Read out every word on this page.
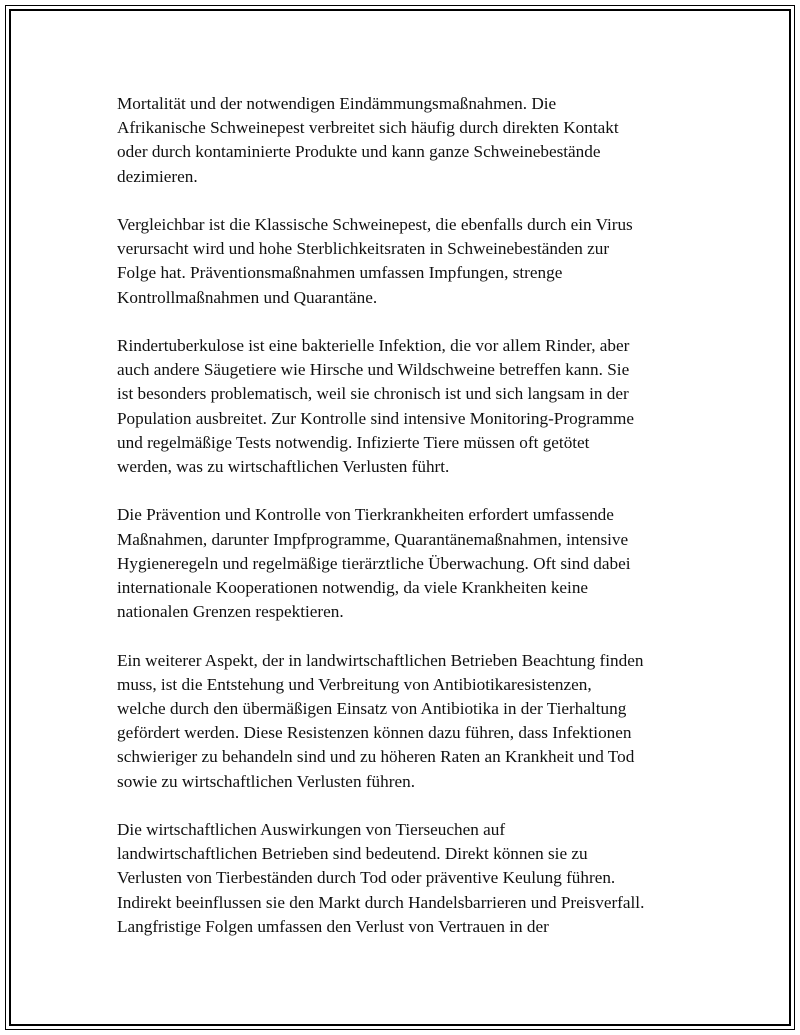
Mortalität und der notwendigen Eindämmungsmaßnahmen. Die
Afrikanische Schweinepest verbreitet sich häufig durch direkten Kontakt
oder durch kontaminierte Produkte und kann ganze Schweinebestände
dezimieren.

Vergleichbar ist die Klassische Schweinepest, die ebenfalls durch ein Virus
verursacht wird und hohe Sterblichkeitsraten in Schweinebeständen zur
Folge hat. Präventionsmaßnahmen umfassen Impfungen, strenge
Kontrollmaßnahmen und Quarantäne.

Rindertuberkulose ist eine bakterielle Infektion, die vor allem Rinder, aber
auch andere Säugetiere wie Hirsche und Wildschweine betreffen kann. Sie
ist besonders problematisch, weil sie chronisch ist und sich langsam in der
Population ausbreitet. Zur Kontrolle sind intensive Monitoring-Programme
und regelmäßige Tests notwendig. Infizierte Tiere müssen oft getötet
werden, was zu wirtschaftlichen Verlusten führt.

Die Prävention und Kontrolle von Tierkrankheiten erfordert umfassende
Maßnahmen, darunter Impfprogramme, Quarantänemaßnahmen, intensive
Hygieneregeln und regelmäßige tierärztliche Überwachung. Oft sind dabei
internationale Kooperationen notwendig, da viele Krankheiten keine
nationalen Grenzen respektieren.

Ein weiterer Aspekt, der in landwirtschaftlichen Betrieben Beachtung finden
muss, ist die Entstehung und Verbreitung von Antibiotikaresistenzen,
welche durch den übermäßigen Einsatz von Antibiotika in der Tierhaltung
gefördert werden. Diese Resistenzen können dazu führen, dass Infektionen
schwieriger zu behandeln sind und zu höheren Raten an Krankheit und Tod
sowie zu wirtschaftlichen Verlusten führen.

Die wirtschaftlichen Auswirkungen von Tierseuchen auf
landwirtschaftlichen Betrieben sind bedeutend. Direkt können sie zu
Verlusten von Tierbeständen durch Tod oder präventive Keulung führen.
Indirekt beeinflussen sie den Markt durch Handelsbarrieren und Preisverfall.
Langfristige Folgen umfassen den Verlust von Vertrauen in der
